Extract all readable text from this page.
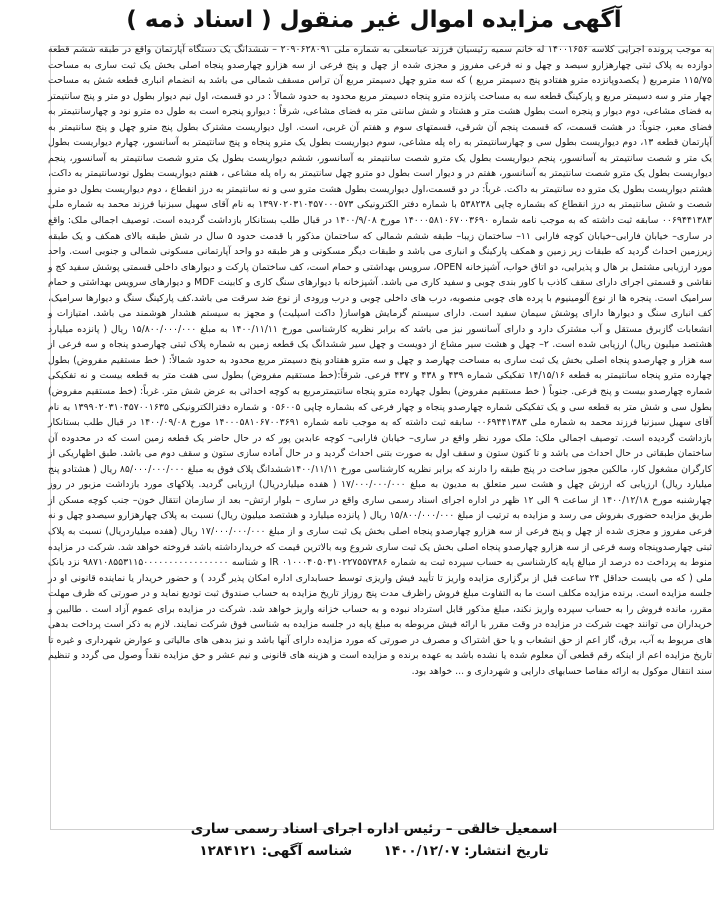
آگهی مزایده اموال غیر منقول ( اسناد ذمه )

به موجب پرونده اجرایی کلاسه ۱۴۰۰۱۶۵۶ له خانم سمیه رئیسیان فرزند عباسعلی به شماره ملی ۲۰۹۰۶۲۸۰۹۱ – ششدانگ یک دستگاه آپارتمان واقع در طبقه ششم قطعه دوازده به پلاک ثبتی چهارهزارو سیصد و چهل و نه فرعی مفروز و مجزی شده از چهل و پنج فرعی از سه هزارو چهارصدو پنجاه اصلی بخش یک ثبت ساری به مساحت ۱۱۵/۷۵ مترمربع ( یکصدوپانزده مترو هفتادو پنج دسیمتر مربع ) که سه مترو چهل دسیمتر مربع آن تراس مسقف شمالی می باشد به انضمام انباری قطعه شش به مساحت چهار متر و سه دسیمتر مربع و پارکینگ قطعه سه به مساحت پانزده مترو پنجاه دسیمتر مربع محدود به حدود شمالاً : در دو قسمت، اول نیم دیوار بطول دو متر و پنج سانتیمتر به فضای مشاعی، دوم دیوار و پنجره است بطول هشت متر و هشتاد و شش سانتی متر به فضای مشاعی، شرقاً : دیوارو پنجره است به طول ده مترو نود و چهارسانتیمتر به فضای معبر، جنوباً: در هشت قسمت، که قسمت پنجم آن شرقی، قسمتهای سوم و هفتم آن غربی، است. اول دیواریست مشترک بطول پنج مترو چهل و پنج سانتیمتر به آپارتمان قطعه ۱۳، دوم دیواریست بطول سی و چهارسانتیمتر به راه پله مشاعی، سوم دیواریست بطول یک مترو پنجاه و پنج سانتیمتر به آسانسور، چهارم دیواریست بطول یک متر و شصت سانتیمتر به آسانسور، پنجم دیواریست بطول یک مترو شصت سانتیمتر به آسانسور، ششم دیواریست بطول یک مترو شصت سانتیمتر به آسانسور، پنجم دیواریست بطول یک مترو شصت سانتیمتر به آسانسور، هفتم در و دیوار است بطول دو مترو چهل سانتیمتر به راه پله مشاعی ، هفتم دیواریست بطول نودسانتیمتر به داکت، هشتم دیواریست بطول یک مترو ده سانتیمتر به داکت. غرباً: در دو قسمت،اول دیواریست بطول هشت مترو سی و نه سانتیمتر به درز انقطاع ، دوم دیواریست بطول دو مترو شصت و شش سانتیمتر به درز انقطاع که بشماره چاپی ۵۳۸۲۳۸ با شماره دفتر الکترونیکی ۱۳۹۷۰۲۰۳۱۰۴۵۷۰۰۰۵۷۳ به نام آقای سهیل سبزنیا فرزند محمد به شماره ملی ۰۰۶۹۴۴۱۳۸۳ سابقه ثبت داشته که به موجب نامه شماره ۱۴۰۰۰۵۸۱۰۶۷۰۰۳۶۹۰ مورخ ۱۴۰۰/۹/۰۸ در قبال طلب بستانکار بازداشت گردیده است. توصیف اجمالی ملک: واقع در ساری– خیابان فارابی–خیابان کوچه فارابی ۱۱– ساختمان زیبا– طبقه ششم شمالی که ساختمان مذکور با قدمت حدود ۵ سال در شش طبقه بالای همکف و یک طبقه زیرزمین احداث گردید که طبقات زیر زمین و همکف پارکینگ و انباری می باشد و طبقات دیگر مسکونی و هر طبقه دو واحد آپارتمانی مسکونی شمالی و جنوبی است. واحد مورد ارزیابی مشتمل بر هال و پذیرایی، دو اتاق خواب، آشپزخانه OPEN، سرویس بهداشتی و حمام است، کف ساختمان پارکت و دیوارهای داخلی قسمتی پوشش سفید کج و نقاشی و قسمتی اجرای دارای سقف کاذب با کاور بندی چوبی و سفید کاری می باشد. آشپزخانه با دیوارهای سنگ کاری و کابینت MDF و دیوارهای سرویس بهداشتی و حمام سرامیک است. پنجره ها از نوع آلومینیوم با پرده های چوبی منصوبه، درب های داخلی چوبی و درب ورودی از نوع ضد سرقت می باشد.کف پارکینگ سنگ و دیوارها سرامیک، کف انباری سنگ و دیوارها دارای پوشش سیمان سفید است. دارای سیستم گرمایش هواساز( داکت اسپلیت) و مجهز به سیستم هشدار هوشمند می باشد. امتیازات و انشعابات گازبرق مستقل و آب مشترک دارد و دارای آسانسور نیز می باشد که برابر نظریه کارشناسی مورخ ۱۴۰۰/۱۱/۱۱ به مبلغ ۱۵/۸۰۰/۰۰۰/۰۰۰ ریال ( پانزده میلیارد هشتصد میلیون ریال) ارزیابی شده است. ۲– چهل و هشت سیر مشاع از دویست و چهل سیر ششدانگ یک قطعه زمین به شماره پلاک ثبتی چهارصدو پنجاه و سه فرعی از سه هزار و چهارصدو پنجاه اصلی بخش یک ثبت ساری به مساحت چهارصد و چهل و سه مترو هفتادو پنج دسیمتر مربع محدود به حدود شمالاً: ( خط مستقیم مفروض) بطول چهارده مترو پنجاه سانتیمتر به قطعه ۱۴/۱۵/۱۶ تفکیکی شماره ۴۳۹ و ۴۳۸ و ۴۳۷ فرعی. شرقاً:(خط مستقیم مفروض) بطول سی هفت متر به قطعه بیست و نه تفکیکی شماره چهارصدو بیست و پنج فرعی. جنوباً ( خط مستقیم مفروض) بطول چهارده مترو پنجاه سانتیمترمربع به کوچه احداثی به عرض شش متر. غرباً: (خط مستقیم مفروض) بطول سی و شش متر به قطعه سی و یک تفکیکی شماره چهارصدو پنجاه و چهار فرعی که بشماره چاپی ۰۵۶۰۰۵ و شماره دفترالکترونیکی ۱۳۹۹۰۲۰۳۱۰۴۵۷۰۰۱۶۳۵ به نام آقای سهیل سبزنیا فرزند محمد به شماره ملی ۰۰۶۹۴۴۱۳۸۳ سابقه ثبت داشته که به موجب نامه شماره ۱۴۰۰۰۵۸۱۰۶۷۰۰۳۶۹۱ مورخ ۱۴۰۰/۰۹/۰۸ در قبال طلب بستانکار بازداشت گردیده است. توصیف اجمالی ملک: ملک مورد نظر واقع در ساری– خیابان فارابی– کوچه عابدین پور که در حال حاضر یک قطعه زمین است که در محدوده آن ساختمان طبقاتی در حال احداث می باشد و تا کنون ستون و سقف اول به صورت بتنی احداث گردید و در حال آماده سازی ستون و سقف دوم می باشد. طبق اظهاریکی از کارگران مشغول کار، مالکین مجوز ساخت در پنج طبقه را دارند که برابر نظریه کارشناسی مورخ ۱۴۰۰/۱۱/۱۱ششدانگ پلاک فوق به مبلغ ۸۵/۰۰۰/۰۰۰/۰۰۰ ریال ( هشتادو پنج میلیارد ریال) ارزیابی که ارزش چهل و هشت سیر متعلق به مدیون به مبلغ ۱۷/۰۰۰/۰۰۰/۰۰۰ ( هفده میلیاردریال) ارزیابی گردید. پلاکهای مورد بازداشت مزبور در روز چهارشنبه مورخ ۱۴۰۰/۱۲/۱۸ از ساعت ۹ الی ۱۲ ظهر در اداره اجرای اسناد رسمی ساری واقع در ساری – بلوار ارتش– بعد از سازمان انتقال خون– جنب کوچه مسکن از طریق مزایده حضوری بفروش می رسد و مزایده به ترتیب از مبلغ ۱۵/۸۰۰/۰۰۰/۰۰۰ ریال ( پانزده میلیارد و هشتصد میلیون ریال) نسبت به پلاک چهارهزارو سیصدو چهل و نه فرعی مفروز و مجزی شده از چهل و پنج فرعی از سه هزارو چهارصدو پنجاه اصلی بخش یک ثبت ساری و از مبلغ ۱۷/۰۰۰/۰۰۰/۰۰۰ ریال (هفده میلیاردریال) نسبت به پلاک ثبتی چهارصدوپنجاه وسه فرعی از سه هزارو چهارصدو پنجاه اصلی بخش یک ثبت ساری شروع وبه بالاترین قیمت که خریدارداشته باشد فروخته خواهد شد. شرکت در مزایده منوط به پرداخت ده درصد از مبالغ پایه کارشناسی به حساب سپرده ثبت به شماره ۰۱۰۰۰۴۰۵۰۳۱۰۲۲۷۵۵۷۳۸۶ IR و شناسه ۹۸۷۱۰۸۵۵۳۱۱۵۰۰۰۰۰۰۰۰۰۰۰۰۰۰۰۰۰ نزد بانک ملی ( که می بایست حداقل ۲۴ ساعت قبل از برگزاری مزایده واریز تا تأیید فیش واریزی توسط حسابداری اداره امکان پذیر گردد ) و حضور خریدار یا نماینده قانونی او در جلسه مزایده است. برنده مزایده مکلف است ما به التفاوت مبلغ فروش راظرف مدت پنج روزاز تاریخ مزایده به حساب صندوق ثبت تودیع نماید و در صورتی که ظرف مهلت مقرر، مانده فروش را به حساب سپرده واریز نکند، مبلغ مذکور قابل استرداد نبوده و به حساب خزانه واریز خواهد شد. شرکت در مزایده برای عموم آزاد است . طالبین و خریداران می توانند جهت شرکت در مزایده در وقت مقرر با ارائه فیش مربوطه به مبلغ پایه در جلسه مزایده به شناسی فوق شرکت نمایند. لازم به ذکر است پرداخت بدهی های مربوط به آب، برق، گاز اعم از حق انشعاب و یا حق اشتراک و مصرف در صورتی که مورد مزایده دارای آنها باشد و نیز بدهی های مالیاتی و عوارض شهرداری و غیره تا تاریخ مزایده اعم از اینکه رقم قطعی آن معلوم شده یا نشده باشد به عهده برنده و مزایده است و هزینه های قانونی و نیم عشر و حق مزایده نقداً وصول می گردد و تنظیم سند انتقال موکول به ارائه مفاصا حسابهای دارایی و شهرداری و ... خواهد بود.

اسمعیل خالقی – رئیس اداره اجرای اسناد رسمی ساری
تاریخ انتشار: ۱۴۰۰/۱۲/۰۷  شناسه آگهی: ۱۲۸۴۱۲۱
